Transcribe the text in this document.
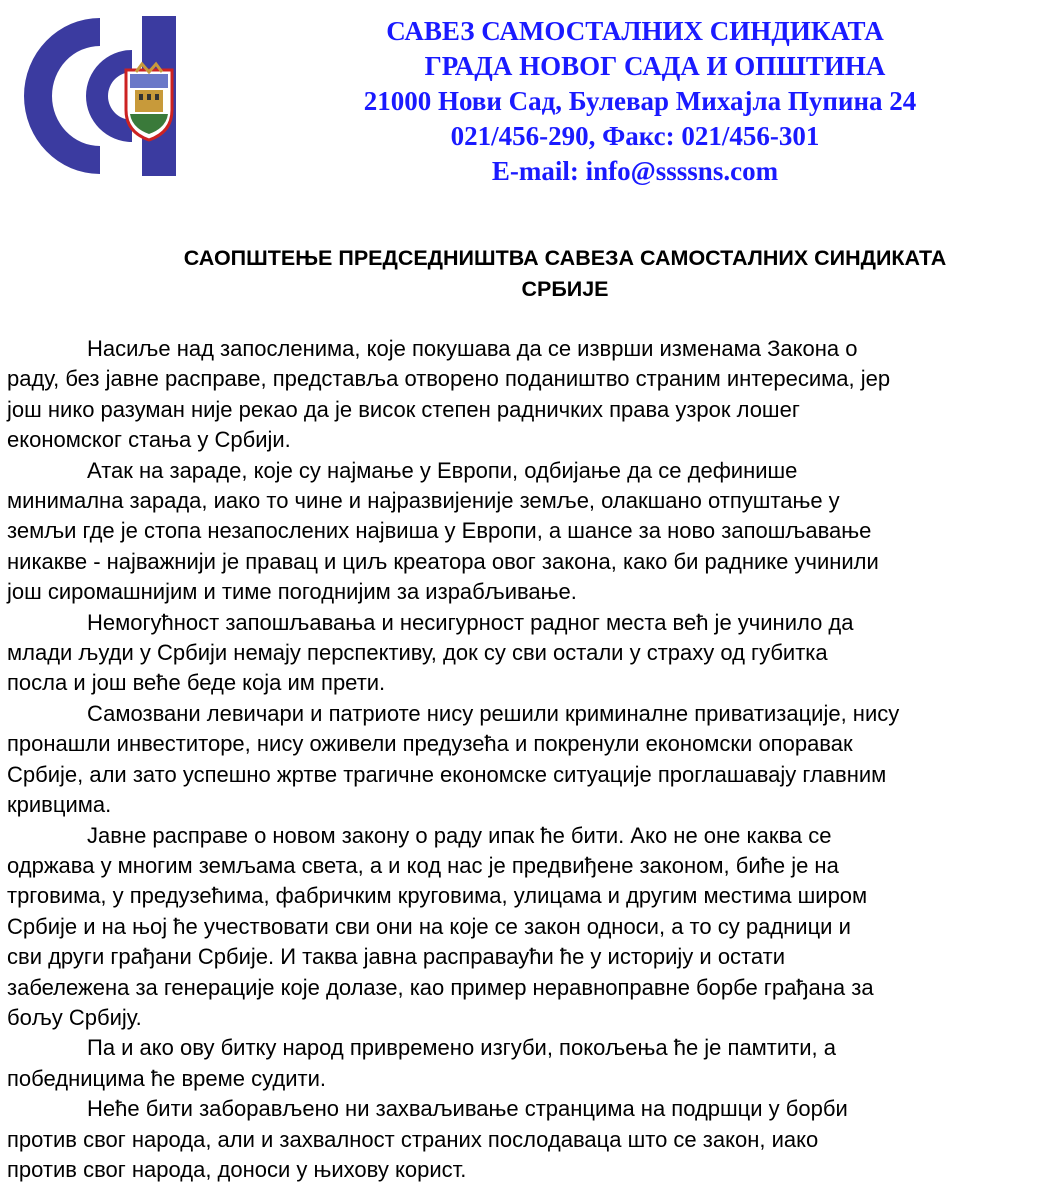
САВЕЗ САМОСТАЛНИХ СИНДИКАТА
ГРАДА НОВОГ САДА И ОПШТИНА
21000 Нови Сад, Булевар Михајла Пупина 24
021/456-290, Факс: 021/456-301
E-mail: info@ssssns.com
САОПШТЕЊЕ ПРЕДСЕДНИШТВА САВЕЗА САМОСТАЛНИХ СИНДИКАТА
СРБИЈЕ

Насиље над запосленима, које покушава да се изврши изменама Закона о
раду, без јавне расправе, представља отворено подаништво страним интересима, јер
још нико разуман није рекао да је висок степен радничких права узрок лошег
економског стања у Србији.

Атак на зараде, које су најмање у Европи, одбијање да се дефинише
минимална зарада, иако то чине и најразвијеније земље, олакшано отпуштање у
земљи где је стопа незапослених највиша у Европи, а шансе за ново запошљавање
никакве - најважнији је правац и циљ креатора овог закона, како би раднике учинили
још сиромашнијим и тиме погоднијим за израбљивање.

Немогућност запошљавања и несигурност радног места већ је учинило да
млади људи у Србији немају перспективу, док су сви остали у страху од губитка
посла и још веће беде која им прети.

Самозвани левичари и патриоте нису решили криминалне приватизације, нису
пронашли инвеститоре, нису оживели предузећа и покренули економски опоравак
Србије, али зато успешно жртве трагичне економске ситуације проглашавају главним
кривцима.

Јавне расправе о новом закону о раду ипак ће бити. Ако не оне каква се
одржава у многим земљама света, а и код нас је предвиђене законом, биће је на
трговима, у предузећима, фабричким круговима, улицама и другим местима широм
Србије и на њој ће учествовати сви они на које се закон односи, а то су радници и
сви други грађани Србије. И таква јавна расправаући ће у историју и остати
забележена за генерације које долазе, као пример неравноправне борбе грађана за
бољу Србију.

Па и ако ову битку народ привремено изгуби, покољења ће је памтити, а
победницима ће време судити.

Неће бити заборављено ни захваљивање странцима на подршци у борби
против свог народа, али и захвалност страних послодаваца што се закон, иако
против свог народа, доноси у њихову корист.
